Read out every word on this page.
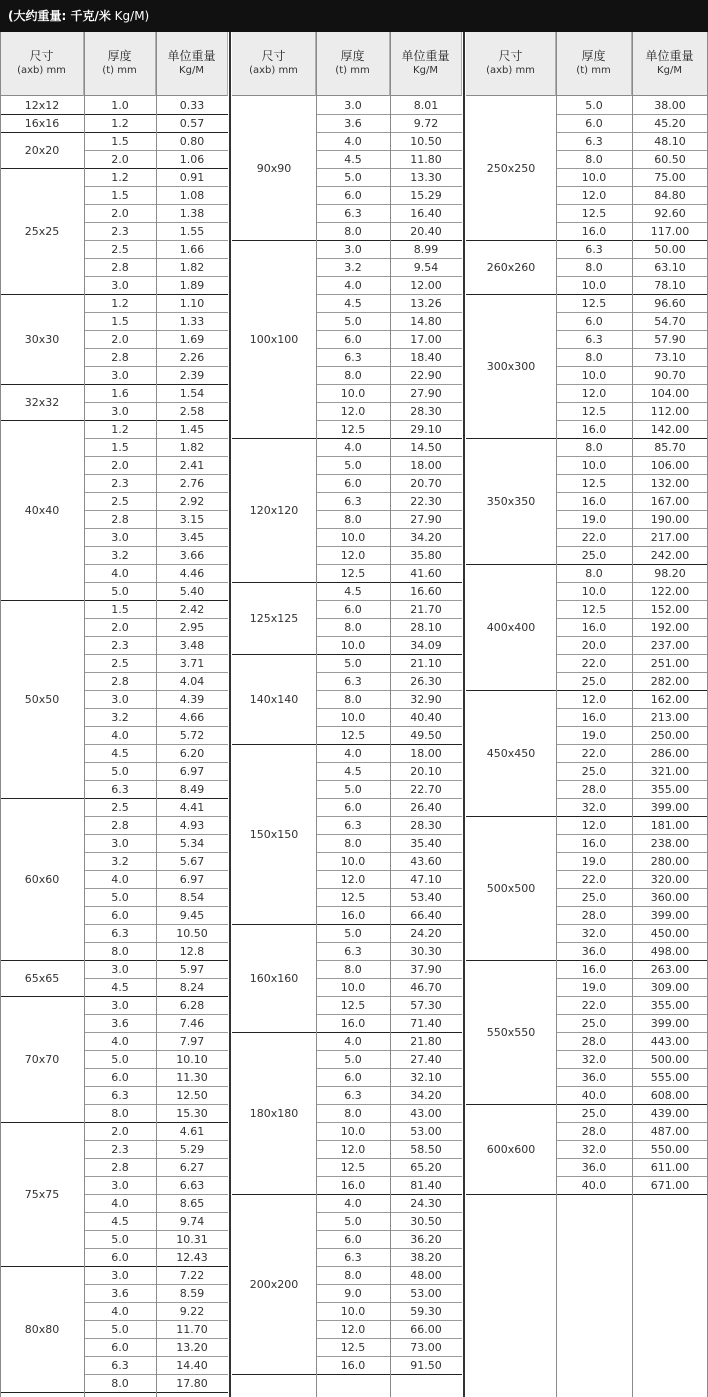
尺寸
(axb) mm
厚度
(t) mm
单位重量
Kg/M
12x12	1.0	0.33
16x16	1.2	0.57
20x20
1.5	0.80
2.0	1.06
25x25
1.2	0.91
1.5	1.08
2.0	1.38
2.3	1.55
2.5	1.66
2.8	1.82
3.0	1.89
30x30
1.2	1.10
1.5	1.33
2.0	1.69
2.8	2.26
3.0	2.39
32x32
1.6	1.54
3.0	2.58
40x40
1.2	1.45
1.5	1.82
2.0	2.41
2.3	2.76
2.5	2.92
2.8	3.15
3.0	3.45
3.2	3.66
4.0	4.46
5.0	5.40
50x50
1.5	2.42
2.0	2.95
2.3	3.48
2.5	3.71
2.8	4.04
3.0	4.39
3.2	4.66
4.0	5.72
4.5	6.20
5.0	6.97
6.3	8.49
60x60
2.5	4.41
2.8	4.93
3.0	5.34
3.2	5.67
4.0	6.97
5.0	8.54
6.0	9.45
6.3	10.50
8.0	12.8
65x65
3.0	5.97
4.5	8.24
70x70
3.0	6.28
3.6	7.46
4.0	7.97
5.0	10.10
6.0	11.30
6.3	12.50
8.0	15.30
75x75
2.0	4.61
2.3	5.29
2.8	6.27
3.0	6.63
4.0	8.65
4.5	9.74
5.0	10.31
6.0	12.43
80x80
3.0	7.22
3.6	8.59
4.0	9.22
5.0	11.70
6.0	13.20
6.3	14.40
8.0	17.80
尺寸
(axb) mm
厚度
(t) mm
单位重量
Kg/M
90x90
3.0	8.01
3.6	9.72
4.0	10.50
4.5	11.80
5.0	13.30
6.0	15.29
6.3	16.40
8.0	20.40
100x100
3.0	8.99
3.2	9.54
4.0	12.00
4.5	13.26
5.0	14.80
6.0	17.00
6.3	18.40
8.0	22.90
10.0	27.90
12.0	28.30
12.5	29.10
120x120
4.0	14.50
5.0	18.00
6.0	20.70
6.3	22.30
8.0	27.90
10.0	34.20
12.0	35.80
12.5	41.60
125x125
4.5	16.60
6.0	21.70
8.0	28.10
10.0	34.09
140x140
5.0	21.10
6.3	26.30
8.0	32.90
10.0	40.40
12.5	49.50
150x150
4.0	18.00
4.5	20.10
5.0	22.70
6.0	26.40
6.3	28.30
8.0	35.40
10.0	43.60
12.0	47.10
12.5	53.40
16.0	66.40
160x160
5.0	24.20
6.3	30.30
8.0	37.90
10.0	46.70
12.5	57.30
16.0	71.40
180x180
4.0	21.80
5.0	27.40
6.0	32.10
6.3	34.20
8.0	43.00
10.0	53.00
12.0	58.50
12.5	65.20
16.0	81.40
200x200
4.0	24.30
5.0	30.50
6.0	36.20
6.3	38.20
8.0	48.00
9.0	53.00
10.0	59.30
12.0	66.00
12.5	73.00
16.0	91.50
尺寸
(axb) mm
厚度
(t) mm
单位重量
Kg/M
250x250
5.0	38.00
6.0	45.20
6.3	48.10
8.0	60.50
10.0	75.00
12.0	84.80
12.5	92.60
16.0	117.00
260x260
6.3	50.00
8.0	63.10
10.0	78.10
300x300
12.5	96.60
6.0	54.70
6.3	57.90
8.0	73.10
10.0	90.70
12.0	104.00
12.5	112.00
16.0	142.00
350x350
8.0	85.70
10.0	106.00
12.5	132.00
16.0	167.00
19.0	190.00
22.0	217.00
25.0	242.00
400x400
8.0	98.20
10.0	122.00
12.5	152.00
16.0	192.00
20.0	237.00
22.0	251.00
25.0	282.00
450x450
12.0	162.00
16.0	213.00
19.0	250.00
22.0	286.00
25.0	321.00
28.0	355.00
32.0	399.00
500x500
12.0	181.00
16.0	238.00
19.0	280.00
22.0	320.00
25.0	360.00
28.0	399.00
32.0	450.00
36.0	498.00
550x550
16.0	263.00
19.0	309.00
22.0	355.00
25.0	399.00
28.0	443.00
32.0	500.00
36.0	555.00
40.0	608.00
600x600
25.0	439.00
28.0	487.00
32.0	550.00
36.0	611.00
40.0	671.00
(大约重量: 千克/米 Kg/M)
